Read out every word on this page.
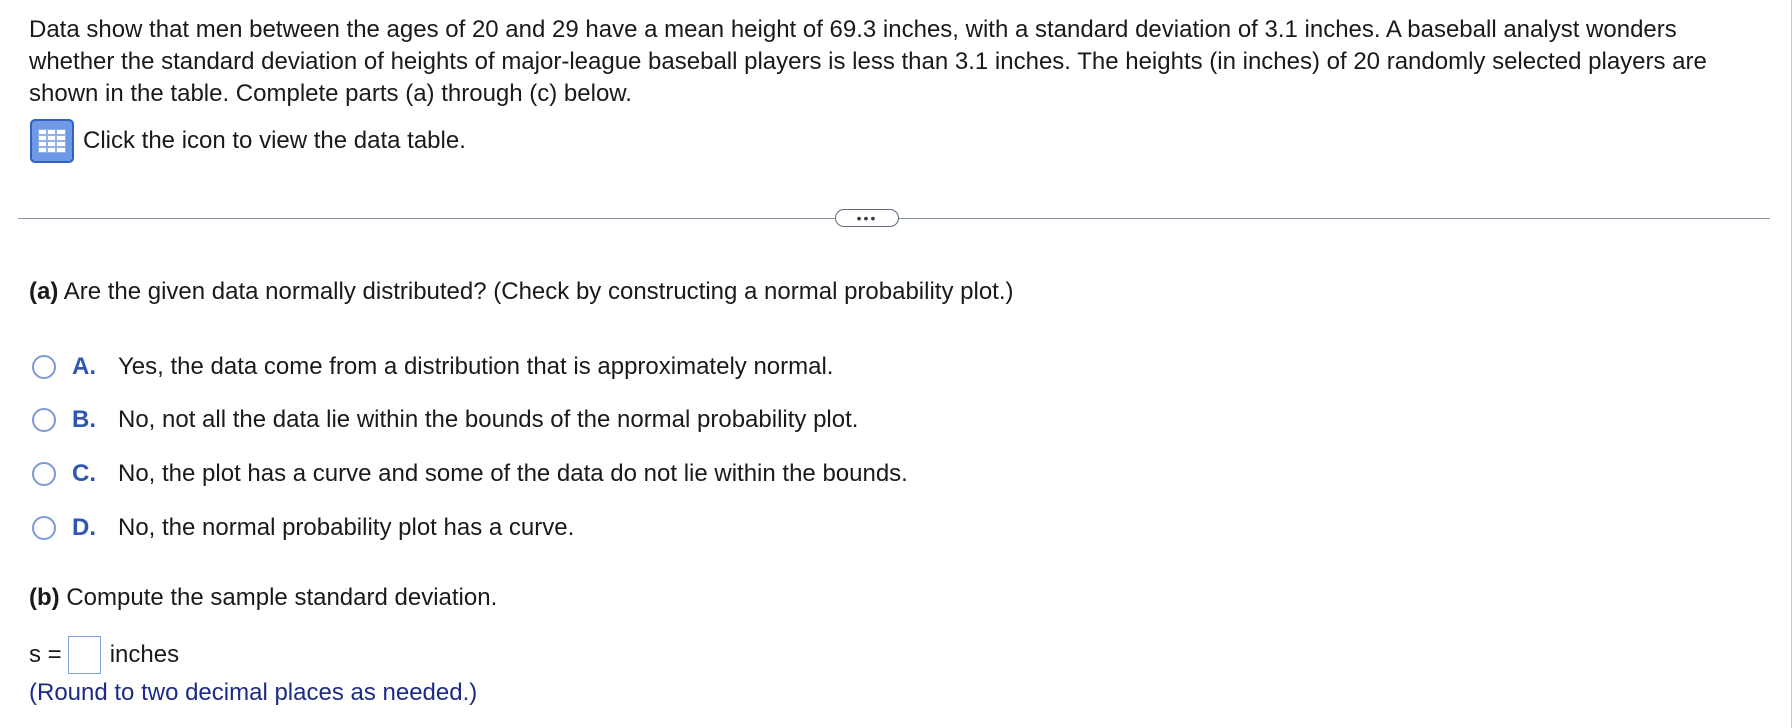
Data show that men between the ages of 20 and 29 have a mean height of 69.3 inches, with a standard deviation of 3.1 inches. A baseball analyst wonders whether the standard deviation of heights of major-league baseball players is less than 3.1 inches. The heights (in inches) of 20 randomly selected players are shown in the table. Complete parts (a) through (c) below.

Click the icon to view the data table.
•••

(a) Are the given data normally distributed? (Check by constructing a normal probability plot.)

A. Yes, the data come from a distribution that is approximately normal.
B. No, not all the data lie within the bounds of the normal probability plot.
C. No, the plot has a curve and some of the data do not lie within the bounds.
D. No, the normal probability plot has a curve.

(b) Compute the sample standard deviation.

s = inches

(Round to two decimal places as needed.)
